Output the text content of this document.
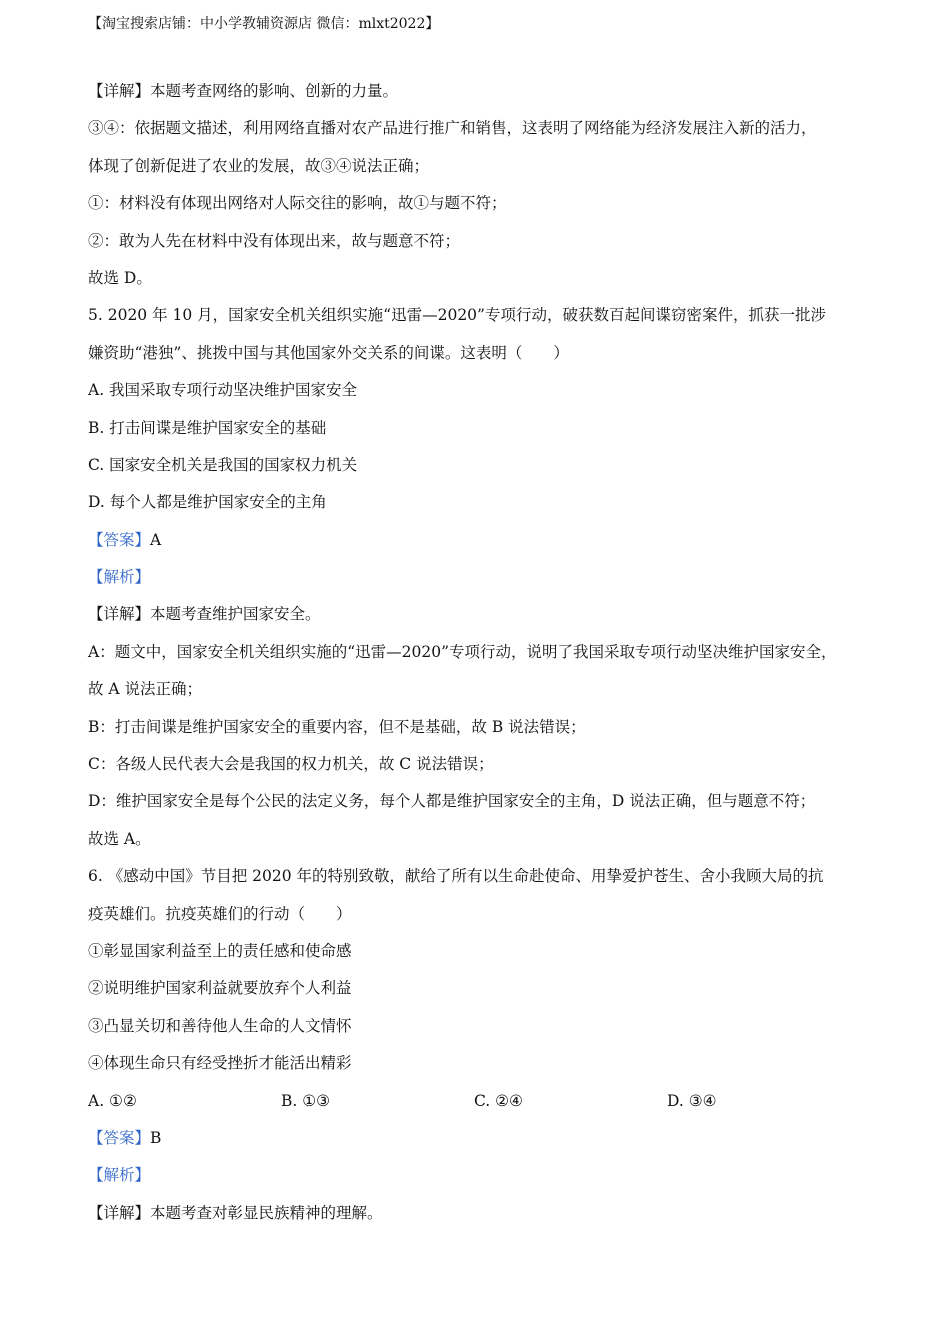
【淘宝搜索店铺：中小学教辅资源店 微信：mlxt2022】
【详解】本题考查网络的影响、创新的力量。
③④：依据题文描述，利用网络直播对农产品进行推广和销售，这表明了网络能为经济发展注入新的活力，
体现了创新促进了农业的发展，故③④说法正确；
①：材料没有体现出网络对人际交往的影响，故①与题不符；
②：敢为人先在材料中没有体现出来，故与题意不符；
故选 D。
5. 2020 年 10 月，国家安全机关组织实施“迅雷—2020”专项行动，破获数百起间谍窃密案件，抓获一批涉
嫌资助“港独”、挑拨中国与其他国家外交关系的间谍。这表明（　　）
A. 我国采取专项行动坚决维护国家安全
B. 打击间谍是维护国家安全的基础
C. 国家安全机关是我国的国家权力机关
D. 每个人都是维护国家安全的主角
【答案】A
【解析】
【详解】本题考查维护国家安全。
A：题文中，国家安全机关组织实施的“迅雷—2020”专项行动，说明了我国采取专项行动坚决维护国家安全，
故 A 说法正确；
B：打击间谍是维护国家安全的重要内容，但不是基础，故 B 说法错误；
C：各级人民代表大会是我国的权力机关，故 C 说法错误；
D：维护国家安全是每个公民的法定义务，每个人都是维护国家安全的主角，D 说法正确，但与题意不符；
故选 A。
6. 《感动中国》节目把 2020 年的特别致敬，献给了所有以生命赴使命、用挚爱护苍生、舍小我顾大局的抗
疫英雄们。抗疫英雄们的行动（　　）
①彰显国家利益至上的责任感和使命感
②说明维护国家利益就要放弃个人利益
③凸显关切和善待他人生命的人文情怀
④体现生命只有经受挫折才能活出精彩
A. ①②	B. ①③	C. ②④	D. ③④
【答案】B
【解析】
【详解】本题考查对彰显民族精神的理解。
